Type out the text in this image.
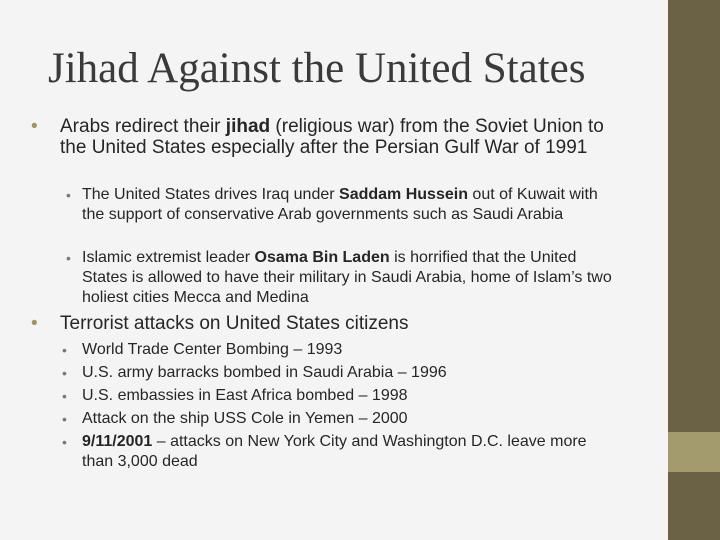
Jihad Against the United States
• Arabs redirect their jihad (religious war) from the Soviet Union to the United States especially after the Persian Gulf War of 1991
• The United States drives Iraq under Saddam Hussein out of Kuwait with the support of conservative Arab governments such as Saudi Arabia
• Islamic extremist leader Osama Bin Laden is horrified that the United States is allowed to have their military in Saudi Arabia, home of Islam’s two holiest cities Mecca and Medina
• Terrorist attacks on United States citizens
• World Trade Center Bombing – 1993
• U.S. army barracks bombed in Saudi Arabia – 1996
• U.S. embassies in East Africa bombed – 1998
• Attack on the ship USS Cole in Yemen – 2000
• 9/11/2001 – attacks on New York City and Washington D.C. leave more than 3,000 dead
